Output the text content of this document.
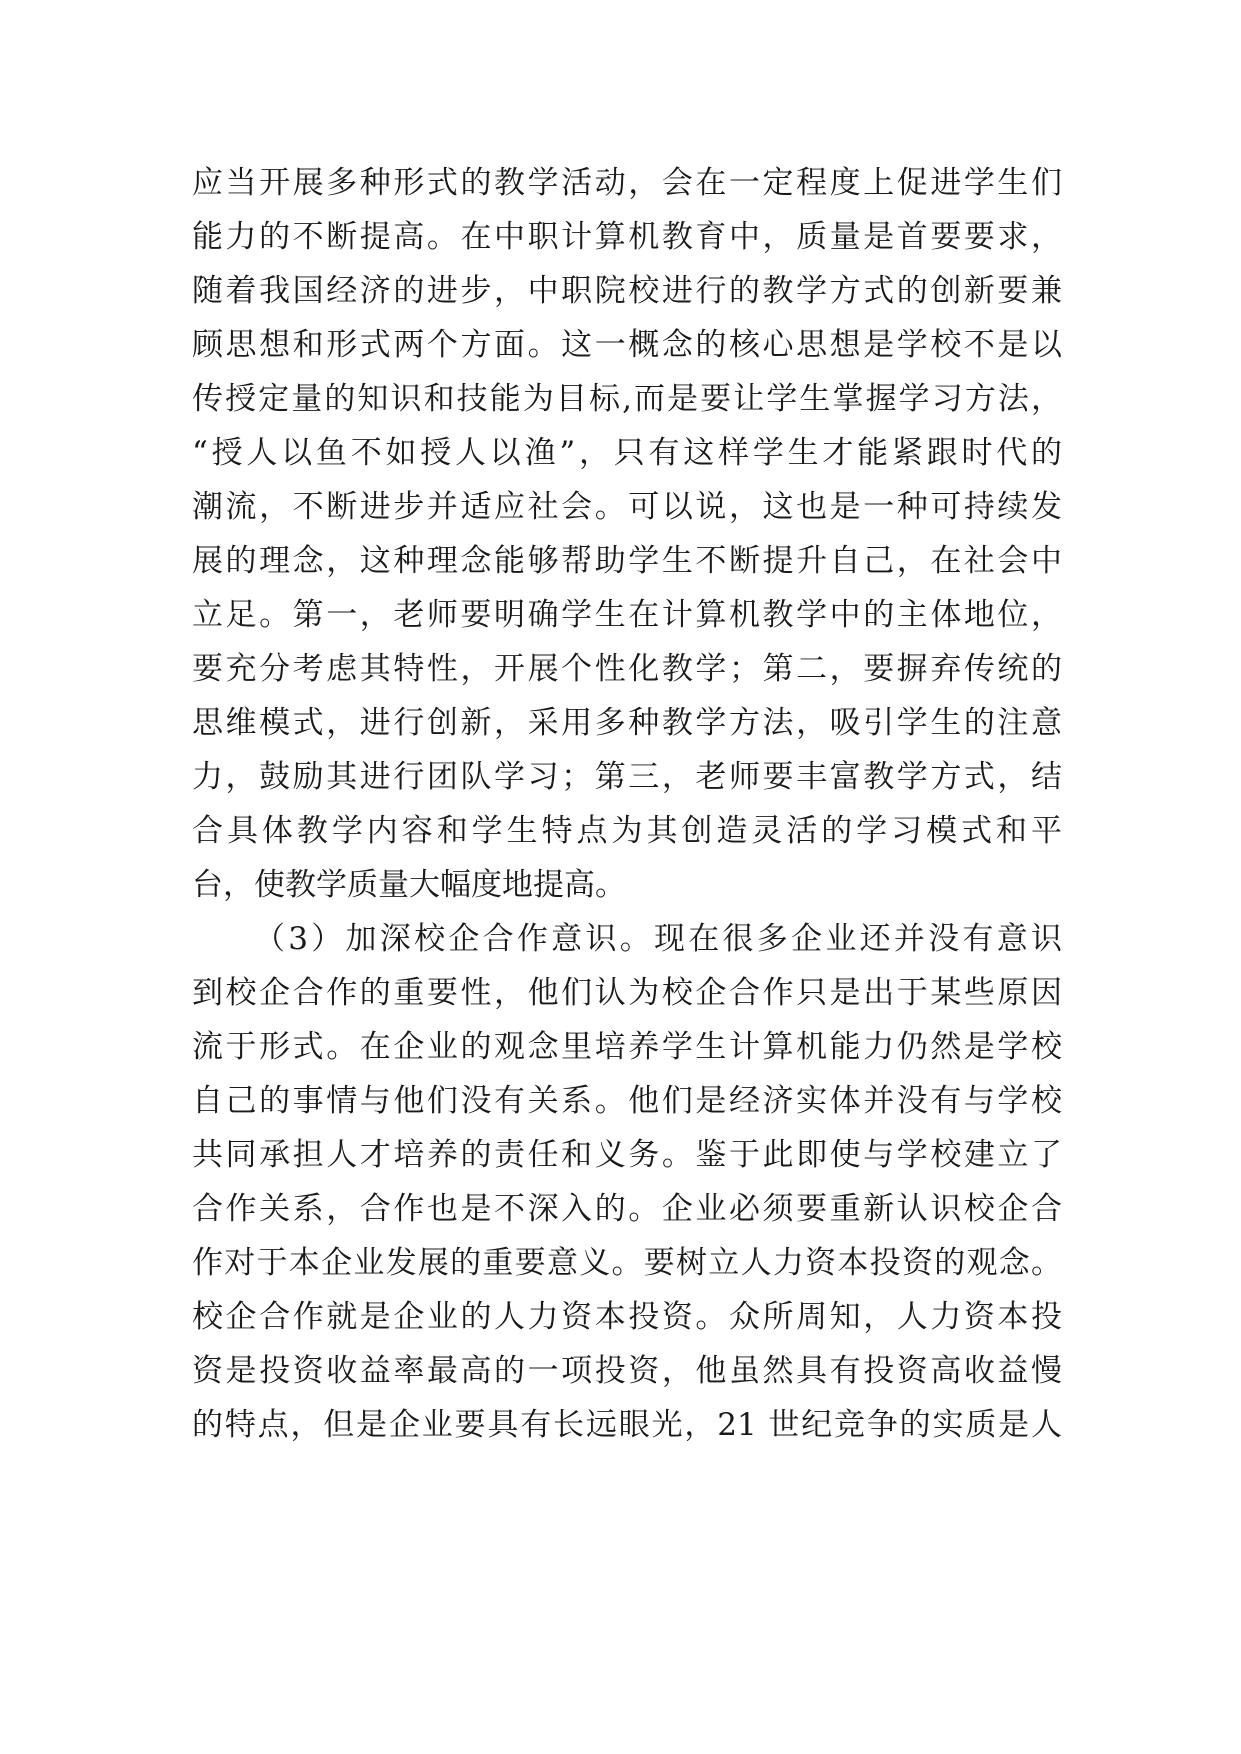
应当开展多种形式的教学活动，会在一定程度上促进学生们
能力的不断提高。在中职计算机教育中，质量是首要要求，
随着我国经济的进步，中职院校进行的教学方式的创新要兼
顾思想和形式两个方面。这一概念的核心思想是学校不是以
传授定量的知识和技能为目标,而是要让学生掌握学习方法，
“授人以鱼不如授人以渔”，只有这样学生才能紧跟时代的
潮流，不断进步并适应社会。可以说，这也是一种可持续发
展的理念，这种理念能够帮助学生不断提升自己，在社会中
立足。第一，老师要明确学生在计算机教学中的主体地位，
要充分考虑其特性，开展个性化教学；第二，要摒弃传统的
思维模式，进行创新，采用多种教学方法，吸引学生的注意
力，鼓励其进行团队学习；第三，老师要丰富教学方式，结
合具体教学内容和学生特点为其创造灵活的学习模式和平
台，使教学质量大幅度地提高。
（3）加深校企合作意识。现在很多企业还并没有意识
到校企合作的重要性，他们认为校企合作只是出于某些原因
流于形式。在企业的观念里培养学生计算机能力仍然是学校
自己的事情与他们没有关系。他们是经济实体并没有与学校
共同承担人才培养的责任和义务。鉴于此即使与学校建立了
合作关系，合作也是不深入的。企业必须要重新认识校企合
作对于本企业发展的重要意义。要树立人力资本投资的观念。
校企合作就是企业的人力资本投资。众所周知，人力资本投
资是投资收益率最高的一项投资，他虽然具有投资高收益慢
的特点，但是企业要具有长远眼光，21 世纪竞争的实质是人
